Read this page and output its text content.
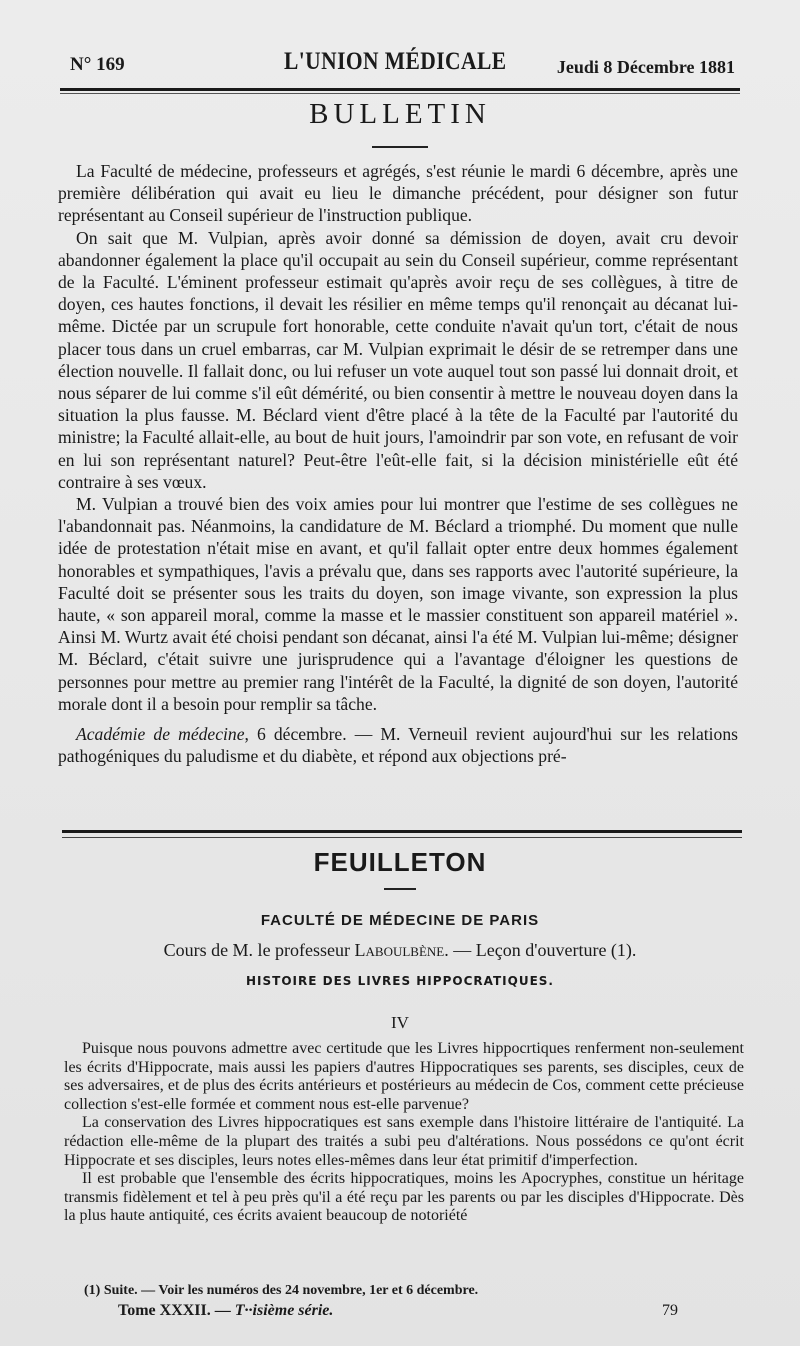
N° 169	L'UNION MÉDICALE	Jeudi 8 Décembre 1881
BULLETIN

La Faculté de médecine, professeurs et agrégés, s'est réunie le mardi 6 décembre, après une première délibération qui avait eu lieu le dimanche précédent, pour désigner son futur représentant au Conseil supérieur de l'instruction publique.

On sait que M. Vulpian, après avoir donné sa démission de doyen, avait cru devoir abandonner également la place qu'il occupait au sein du Conseil supérieur, comme représentant de la Faculté. L'éminent professeur estimait qu'après avoir reçu de ses collègues, à titre de doyen, ces hautes fonctions, il devait les résilier en même temps qu'il renonçait au décanat lui-même. Dictée par un scrupule fort honorable, cette conduite n'avait qu'un tort, c'était de nous placer tous dans un cruel embarras, car M. Vulpian exprimait le désir de se retremper dans une élection nouvelle. Il fallait donc, ou lui refuser un vote auquel tout son passé lui donnait droit, et nous séparer de lui comme s'il eût démérité, ou bien consentir à mettre le nouveau doyen dans la situation la plus fausse. M. Béclard vient d'être placé à la tête de la Faculté par l'autorité du ministre; la Faculté allait-elle, au bout de huit jours, l'amoindrir par son vote, en refusant de voir en lui son représentant naturel? Peut-être l'eût-elle fait, si la décision ministérielle eût été contraire à ses vœux.

M. Vulpian a trouvé bien des voix amies pour lui montrer que l'estime de ses collègues ne l'abandonnait pas. Néanmoins, la candidature de M. Béclard a triomphé. Du moment que nulle idée de protestation n'était mise en avant, et qu'il fallait opter entre deux hommes également honorables et sympathiques, l'avis a prévalu que, dans ses rapports avec l'autorité supérieure, la Faculté doit se présenter sous les traits du doyen, son image vivante, son expression la plus haute, « son appareil moral, comme la masse et le massier constituent son appareil matériel ». Ainsi M. Wurtz avait été choisi pendant son décanat, ainsi l'a été M. Vulpian lui-même; désigner M. Béclard, c'était suivre une jurisprudence qui a l'avantage d'éloigner les questions de personnes pour mettre au premier rang l'intérêt de la Faculté, la dignité de son doyen, l'autorité morale dont il a besoin pour remplir sa tâche.

Académie de médecine, 6 décembre. — M. Verneuil revient aujourd'hui sur les relations pathogéniques du paludisme et du diabète, et répond aux objections pré-

FEUILLETON
FACULTÉ DE MÉDECINE DE PARIS
Cours de M. le professeur Laboulbène. — Leçon d'ouverture (1).
HISTOIRE DES LIVRES HIPPOCRATIQUES.
IV

Puisque nous pouvons admettre avec certitude que les Livres hippocrtiques renferment non-seulement les écrits d'Hippocrate, mais aussi les papiers d'autres Hippocratiques ses parents, ses disciples, ceux de ses adversaires, et de plus des écrits antérieurs et postérieurs au médecin de Cos, comment cette précieuse collection s'est-elle formée et comment nous est-elle parvenue?

La conservation des Livres hippocratiques est sans exemple dans l'histoire littéraire de l'antiquité. La rédaction elle-même de la plupart des traités a subi peu d'altérations. Nous possédons ce qu'ont écrit Hippocrate et ses disciples, leurs notes elles-mêmes dans leur état primitif d'imperfection.

Il est probable que l'ensemble des écrits hippocratiques, moins les Apocryphes, constitue un héritage transmis fidèlement et tel à peu près qu'il a été reçu par les parents ou par les disciples d'Hippocrate. Dès la plus haute antiquité, ces écrits avaient beaucoup de notoriété

(1) Suite. — Voir les numéros des 24 novembre, 1er et 6 décembre.
Tome XXXII. — T··isième série.	79
